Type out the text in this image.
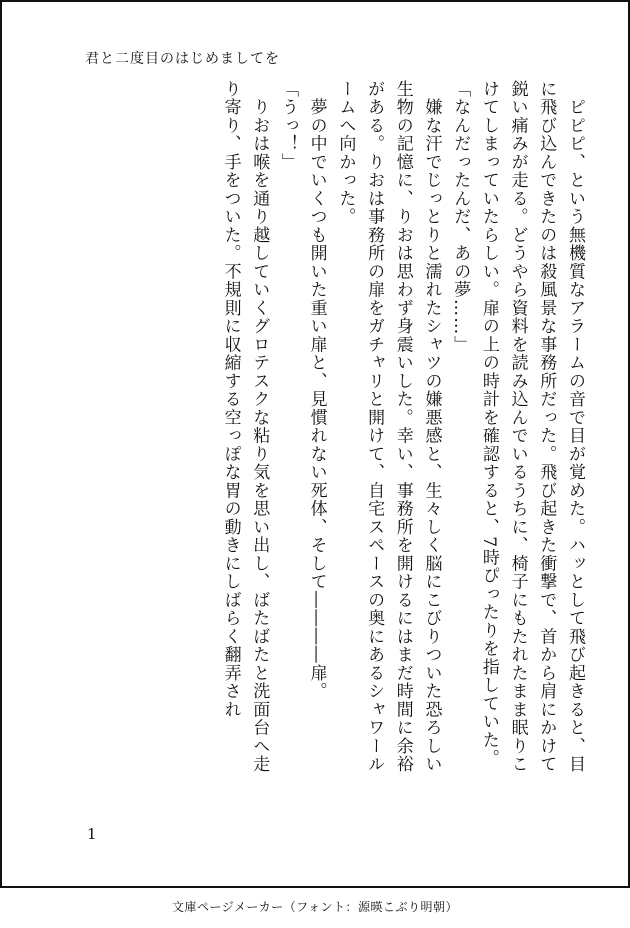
君と二度目のはじめましてを

　ピピピ、という無機質なアラームの音で目が覚めた。ハッとして飛び起きると、目に飛び込んできたのは殺風景な事務所だった。飛び起きた衝撃で、首から肩にかけて鋭い痛みが走る。どうやら資料を読み込んでいるうちに、椅子にもたれたまま眠りこけてしまっていたらしい。扉の上の時計を確認すると、7時ぴったりを指していた。

「なんだったんだ、あの夢……」

　嫌な汗でじっとりと濡れたシャツの嫌悪感と、生々しく脳にこびりついた恐ろしい生物の記憶に、りおは思わず身震いした。幸い、事務所を開けるにはまだ時間に余裕がある。りおは事務所の扉をガチャリと開けて、自宅スペースの奥にあるシャワールームへ向かった。

　夢の中でいくつも開いた重い扉と、見慣れない死体、そして――――扉。

「うっ！」

　りおは喉を通り越していくグロテスクな粘り気を思い出し、ばたばたと洗面台へ走り寄り、手をついた。不規則に収縮する空っぽな胃の動きにしばらく翻弄され

1
文庫ページメーカー（フォント：源暎こぶり明朝）
